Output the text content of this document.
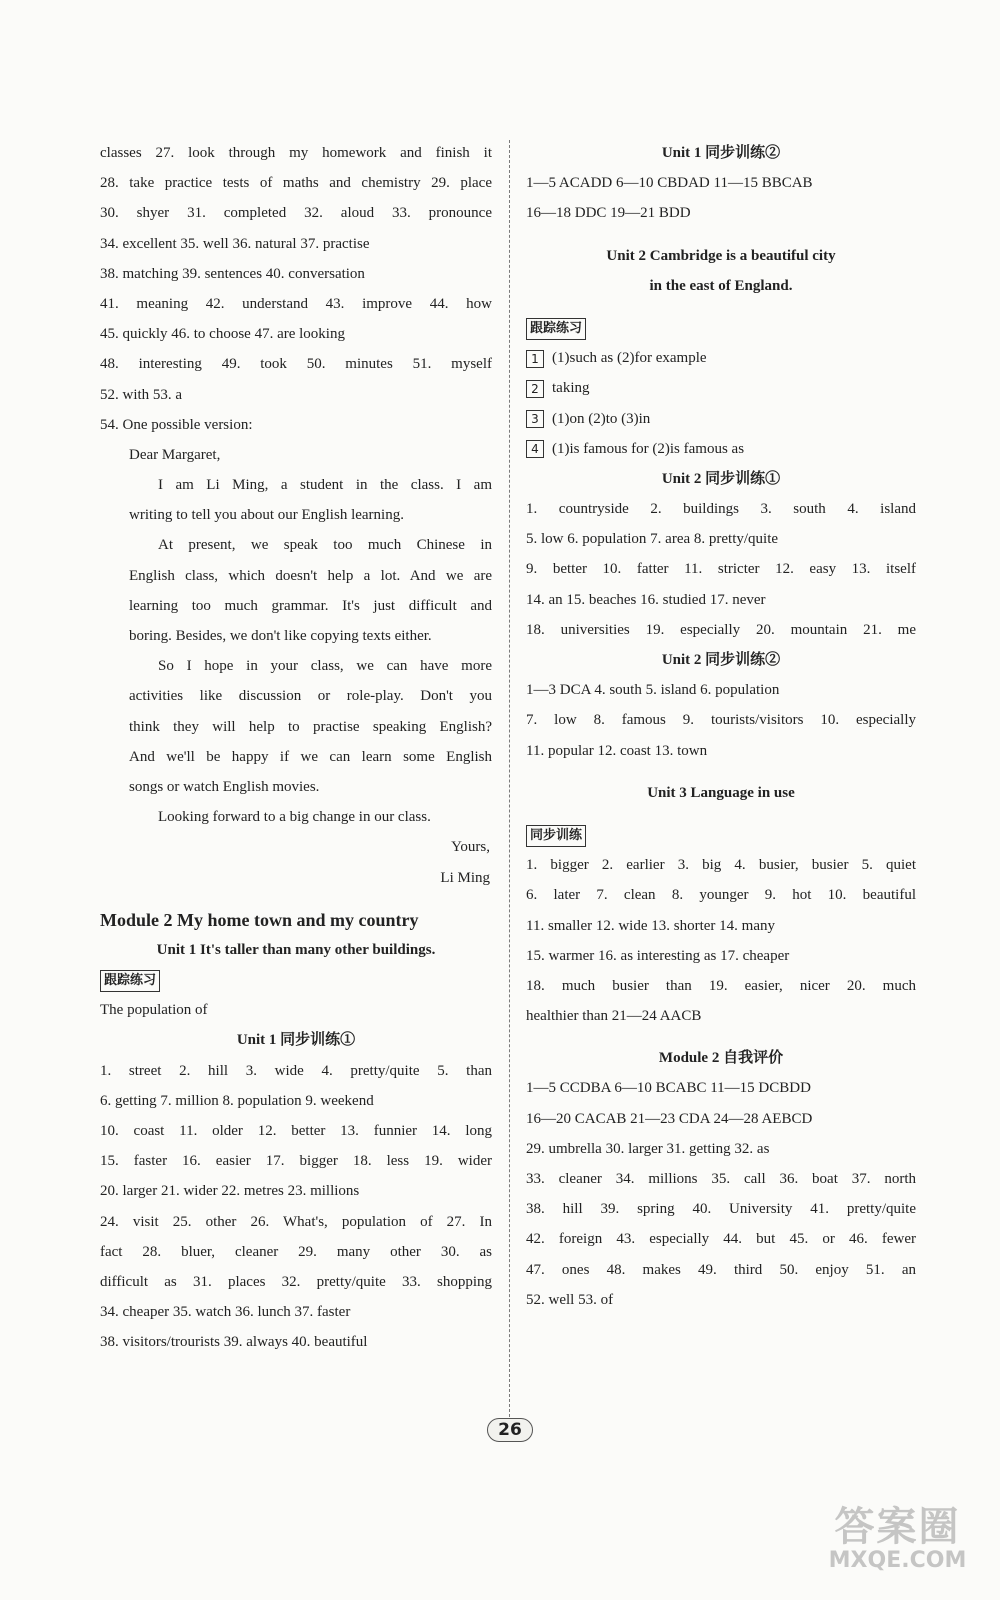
classes 27. look through my homework and finish it
28. take practice tests of maths and chemistry 29. place
30. shyer 31. completed 32. aloud 33. pronounce
34. excellent 35. well 36. natural 37. practise
38. matching 39. sentences 40. conversation
41. meaning 42. understand 43. improve 44. how
45. quickly 46. to choose 47. are looking
48. interesting 49. took 50. minutes 51. myself
52. with 53. a
54. One possible version:
Dear Margaret,
I am Li Ming, a student in the class. I am
writing to tell you about our English learning.
At present, we speak too much Chinese in
English class, which doesn't help a lot. And we are
learning too much grammar. It's just difficult and
boring. Besides, we don't like copying texts either.
So I hope in your class, we can have more
activities like discussion or role-play. Don't you
think they will help to practise speaking English?
And we'll be happy if we can learn some English
songs or watch English movies.
Looking forward to a big change in our class.
Yours,
Li Ming
Module 2 My home town and my country
Unit 1 It's taller than many other buildings.
跟踪练习
The population of
Unit 1 同步训练①
1. street 2. hill 3. wide 4. pretty/quite 5. than
6. getting 7. million 8. population 9. weekend
10. coast 11. older 12. better 13. funnier 14. long
15. faster 16. easier 17. bigger 18. less 19. wider
20. larger 21. wider 22. metres 23. millions
24. visit 25. other 26. What's, population of 27. In
fact 28. bluer, cleaner 29. many other 30. as
difficult as 31. places 32. pretty/quite 33. shopping
34. cheaper 35. watch 36. lunch 37. faster
38. visitors/trourists 39. always 40. beautiful
Unit 1 同步训练②
1—5 ACADD 6—10 CBDAD 11—15 BBCAB
16—18 DDC 19—21 BDD
Unit 2 Cambridge is a beautiful city
in the east of England.
跟踪练习
1 (1)such as (2)for example
2 taking
3 (1)on (2)to (3)in
4 (1)is famous for (2)is famous as
Unit 2 同步训练①
1. countryside 2. buildings 3. south 4. island
5. low 6. population 7. area 8. pretty/quite
9. better 10. fatter 11. stricter 12. easy 13. itself
14. an 15. beaches 16. studied 17. never
18. universities 19. especially 20. mountain 21. me
Unit 2 同步训练②
1—3 DCA 4. south 5. island 6. population
7. low 8. famous 9. tourists/visitors 10. especially
11. popular 12. coast 13. town
Unit 3 Language in use
同步训练
1. bigger 2. earlier 3. big 4. busier, busier 5. quiet
6. later 7. clean 8. younger 9. hot 10. beautiful
11. smaller 12. wide 13. shorter 14. many
15. warmer 16. as interesting as 17. cheaper
18. much busier than 19. easier, nicer 20. much
healthier than 21—24 AACB
Module 2 自我评价
1—5 CCDBA 6—10 BCABC 11—15 DCBDD
16—20 CACAB 21—23 CDA 24—28 AEBCD
29. umbrella 30. larger 31. getting 32. as
33. cleaner 34. millions 35. call 36. boat 37. north
38. hill 39. spring 40. University 41. pretty/quite
42. foreign 43. especially 44. but 45. or 46. fewer
47. ones 48. makes 49. third 50. enjoy 51. an
52. well 53. of
26
答案圈
MXQE.COM
